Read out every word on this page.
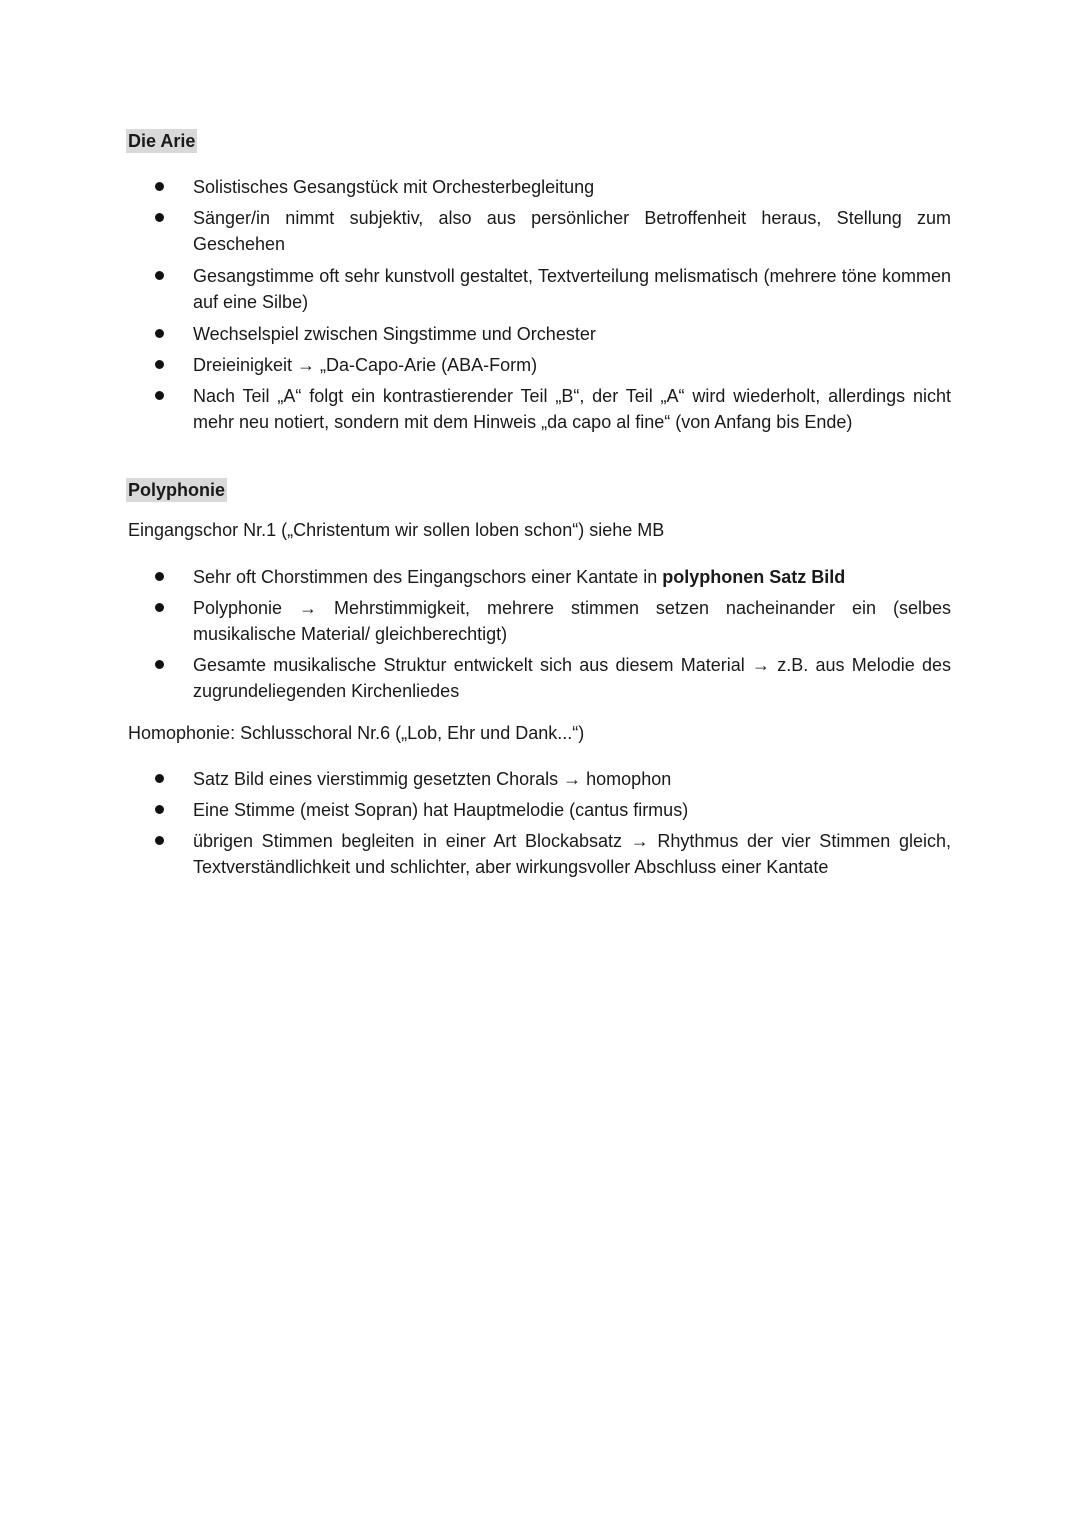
Die Arie
Solistisches Gesangstück mit Orchesterbegleitung
Sänger/in nimmt subjektiv, also aus persönlicher Betroffenheit heraus, Stellung zum Geschehen
Gesangstimme oft sehr kunstvoll gestaltet, Textverteilung melismatisch (mehrere töne kommen auf eine Silbe)
Wechselspiel zwischen Singstimme und Orchester
Dreieinigkeit → „Da-Capo-Arie (ABA-Form)
Nach Teil „A“ folgt ein kontrastierender Teil „B“, der Teil „A“ wird wiederholt, allerdings nicht mehr neu notiert, sondern mit dem Hinweis „da capo al fine“ (von Anfang bis Ende)
Polyphonie
Eingangschor Nr.1 („Christentum wir sollen loben schon“) siehe MB
Sehr oft Chorstimmen des Eingangschors einer Kantate in polyphonen Satz Bild
Polyphonie → Mehrstimmigkeit, mehrere stimmen setzen nacheinander ein (selbes musikalische Material/ gleichberechtigt)
Gesamte musikalische Struktur entwickelt sich aus diesem Material → z.B. aus Melodie des zugrundeliegenden Kirchenliedes
Homophonie: Schlusschoral Nr.6 („Lob, Ehr und Dank...“)
Satz Bild eines vierstimmig gesetzten Chorals → homophon
Eine Stimme (meist Sopran) hat Hauptmelodie (cantus firmus)
übrigen Stimmen begleiten in einer Art Blockabsatz → Rhythmus der vier Stimmen gleich, Textverständlichkeit und schlichter, aber wirkungsvoller Abschluss einer Kantate
